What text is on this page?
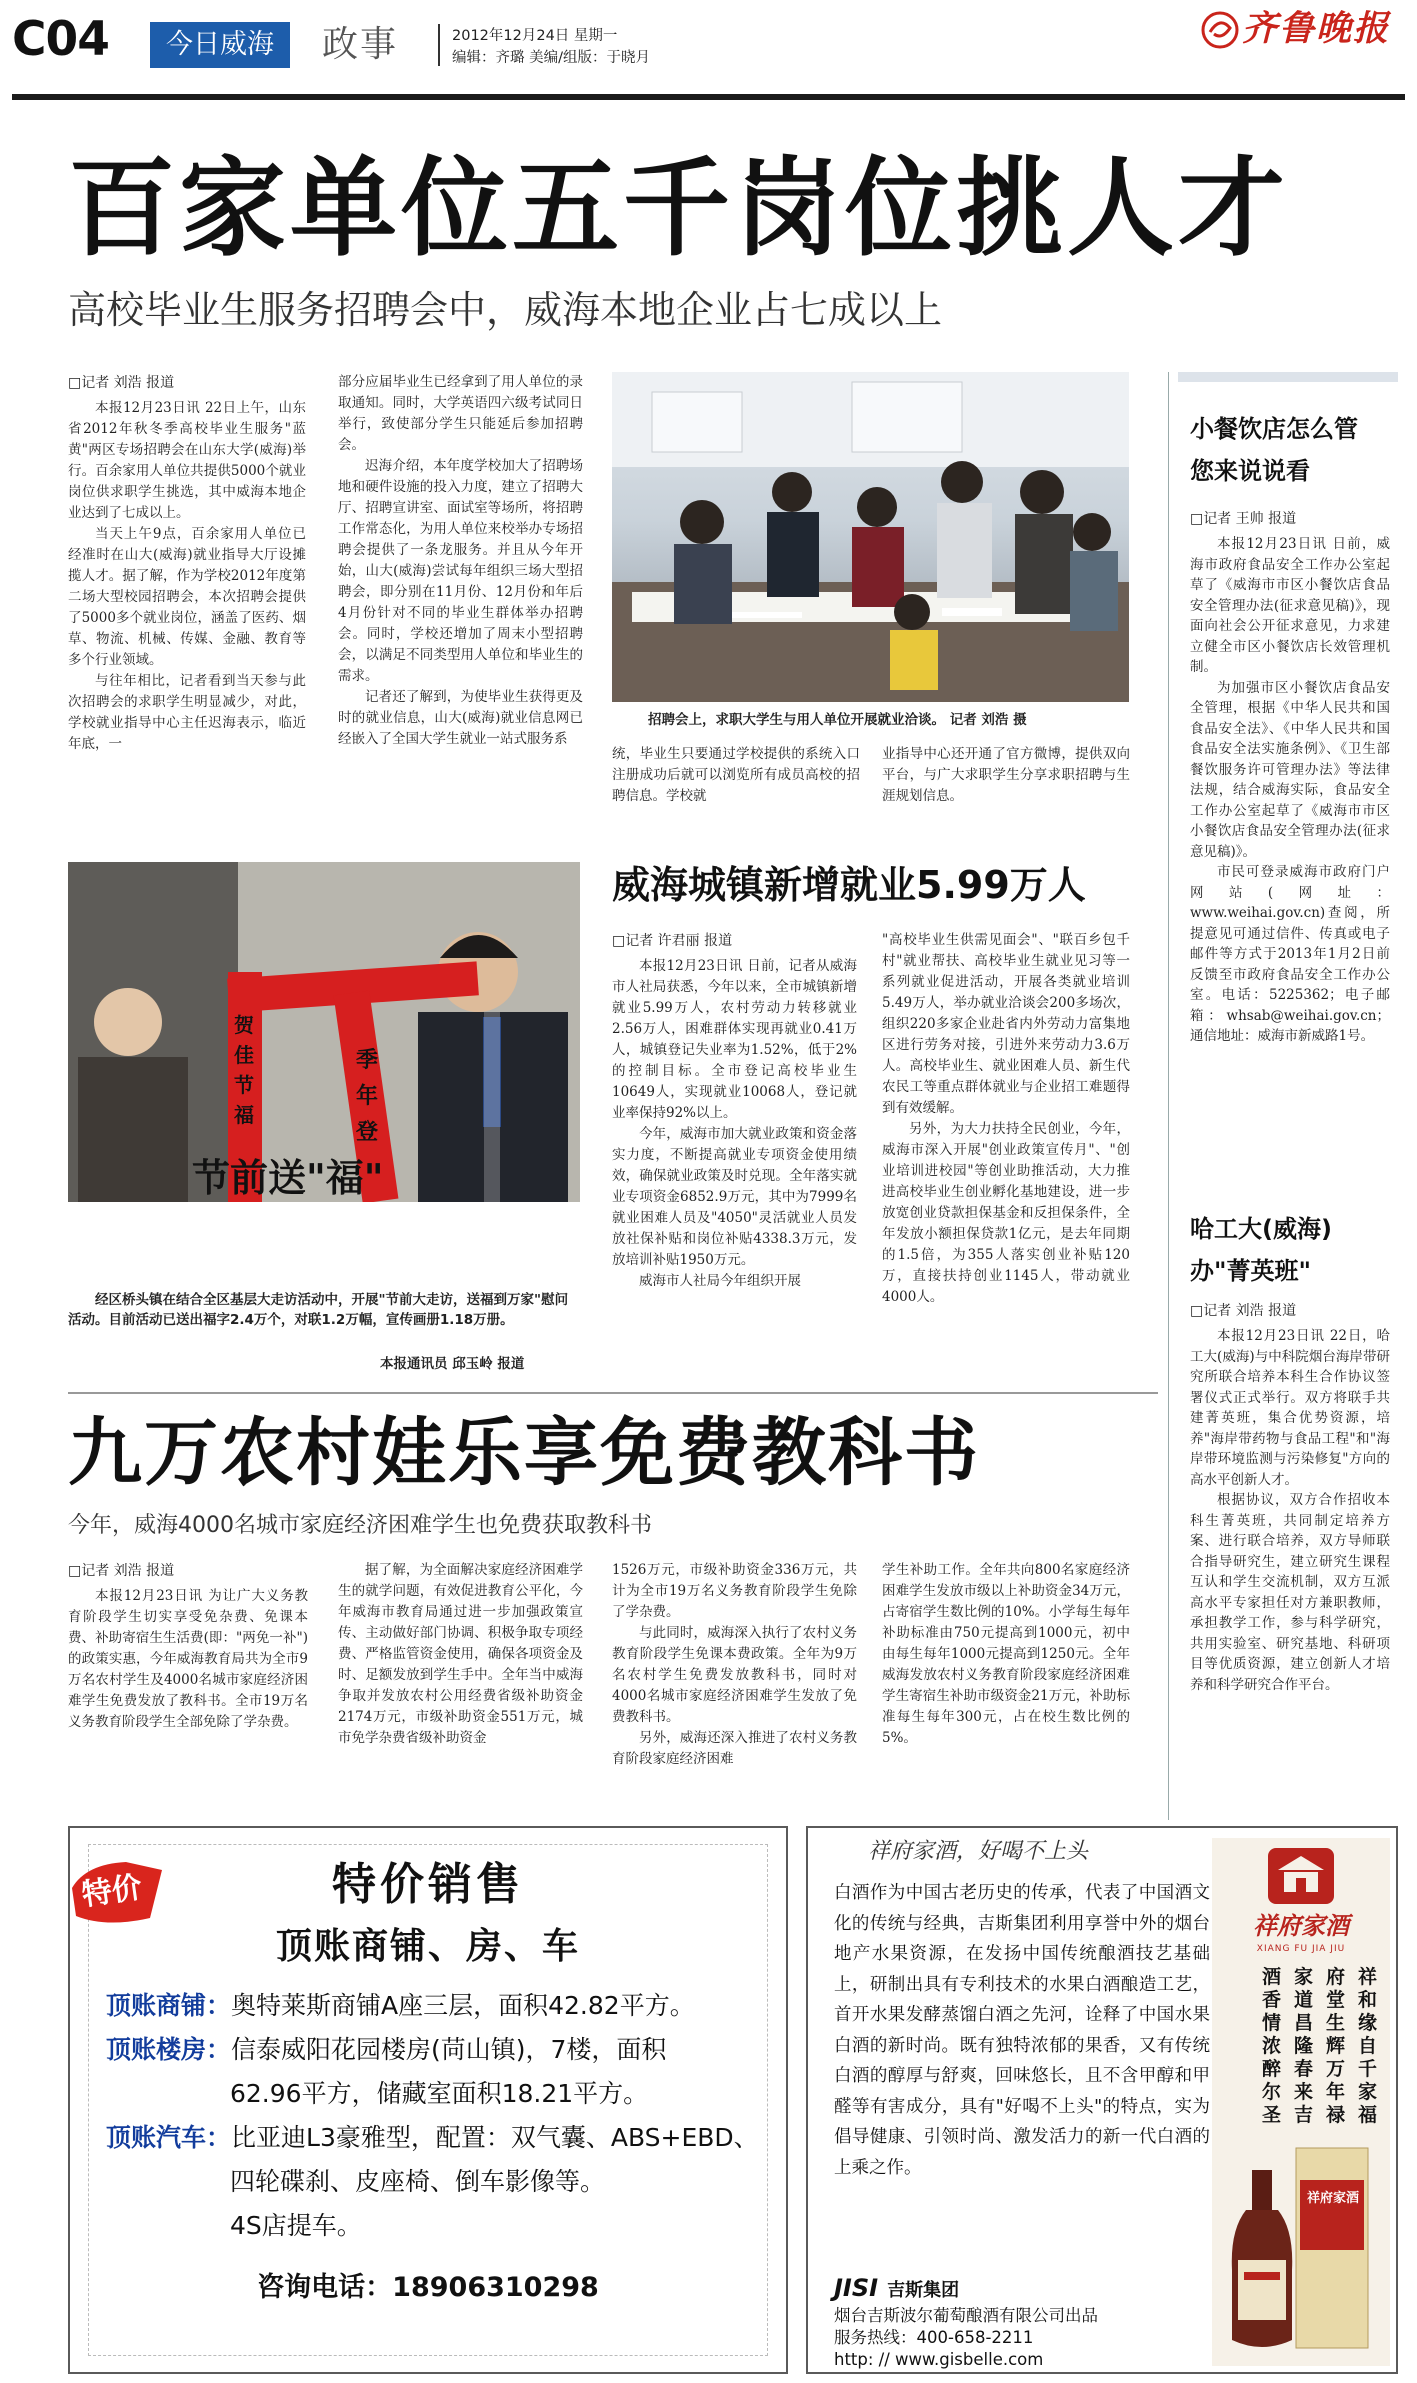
C04	今日威海	政事	2012年12月24日 星期一
编辑：齐璐 美编/组版：于晓月
齐鲁晚报
百家单位五千岗位挑人才
高校毕业生服务招聘会中，威海本地企业占七成以上
□记者 刘浩 报道

本报12月23日讯 22日上午，山东省2012年秋冬季高校毕业生服务"蓝黄"两区专场招聘会在山东大学(威海)举行。百余家用人单位共提供5000个就业岗位供求职学生挑选，其中威海本地企业达到了七成以上。

当天上午9点，百余家用人单位已经准时在山大(威海)就业指导大厅设摊揽人才。据了解，作为学校2012年度第二场大型校园招聘会，本次招聘会提供了5000多个就业岗位，涵盖了医药、烟草、物流、机械、传媒、金融、教育等多个行业领域。

与往年相比，记者看到当天参与此次招聘会的求职学生明显减少，对此，学校就业指导中心主任迟海表示，临近年底，一

部分应届毕业生已经拿到了用人单位的录取通知。同时，大学英语四六级考试同日举行，致使部分学生只能延后参加招聘会。

迟海介绍，本年度学校加大了招聘场地和硬件设施的投入力度，建立了招聘大厅、招聘宣讲室、面试室等场所，将招聘工作常态化，为用人单位来校举办专场招聘会提供了一条龙服务。并且从今年开始，山大(威海)尝试每年组织三场大型招聘会，即分别在11月份、12月份和年后4月份针对不同的毕业生群体举办招聘会。同时，学校还增加了周末小型招聘会，以满足不同类型用人单位和毕业生的需求。

记者还了解到，为使毕业生获得更及时的就业信息，山大(威海)就业信息网已经嵌入了全国大学生就业一站式服务系

招聘会上，求职大学生与用人单位开展就业洽谈。 记者 刘浩 摄

统，毕业生只要通过学校提供的系统入口注册成功后就可以浏览所有成员高校的招聘信息。学校就

业指导中心还开通了官方微博，提供双向平台，与广大求职学生分享求职招聘与生涯规划信息。

小餐饮店怎么管
您来说说看
□记者 王帅 报道

本报12月23日讯 日前，威海市政府食品安全工作办公室起草了《威海市市区小餐饮店食品安全管理办法(征求意见稿)》，现面向社会公开征求意见，力求建立健全市区小餐饮店长效管理机制。

为加强市区小餐饮店食品安全管理，根据《中华人民共和国食品安全法》、《中华人民共和国食品安全法实施条例》、《卫生部餐饮服务许可管理办法》等法律法规，结合威海实际，食品安全工作办公室起草了《威海市市区小餐饮店食品安全管理办法(征求意见稿)》。

市民可登录威海市政府门户网站(网址：www.weihai.gov.cn)查阅，所提意见可通过信件、传真或电子邮件等方式于2013年1月2日前反馈至市政府食品安全工作办公室。电话：5225362；电子邮箱：whsab@weihai.gov.cn；通信地址：威海市新威路1号。

哈工大(威海)
办"菁英班"
□记者 刘浩 报道

本报12月23日讯 22日，哈工大(威海)与中科院烟台海岸带研究所联合培养本科生合作协议签署仪式正式举行。双方将联手共建菁英班，集合优势资源，培养"海岸带药物与食品工程"和"海岸带环境监测与污染修复"方向的高水平创新人才。

根据协议，双方合作招收本科生菁英班，共同制定培养方案、进行联合培养，双方导师联合指导研究生，建立研究生课程互认和学生交流机制，双方互派高水平专家担任对方兼职教师，承担教学工作，参与科学研究，共用实验室、研究基地、科研项目等优质资源，建立创新人才培养和科学研究合作平台。

威海城镇新增就业5.99万人
□记者 许君丽 报道

本报12月23日讯 日前，记者从威海市人社局获悉，今年以来，全市城镇新增就业5.99万人，农村劳动力转移就业2.56万人，困难群体实现再就业0.41万人，城镇登记失业率为1.52%，低于2%的控制目标。全市登记高校毕业生10649人，实现就业10068人，登记就业率保持92%以上。

今年，威海市加大就业政策和资金落实力度，不断提高就业专项资金使用绩效，确保就业政策及时兑现。全年落实就业专项资金6852.9万元，其中为7999名就业困难人员及"4050"灵活就业人员发放社保补贴和岗位补贴4338.3万元，发放培训补贴1950万元。

威海市人社局今年组织开展

"高校毕业生供需见面会"、"联百乡包千村"就业帮扶、高校毕业生就业见习等一系列就业促进活动，开展各类就业培训5.49万人，举办就业洽谈会200多场次，组织220多家企业赴省内外劳动力富集地区进行劳务对接，引进外来劳动力3.6万人。高校毕业生、就业困难人员、新生代农民工等重点群体就业与企业招工难题得到有效缓解。

另外，为大力扶持全民创业，今年，威海市深入开展"创业政策宣传月"、"创业培训进校园"等创业助推活动，大力推进高校毕业生创业孵化基地建设，进一步放宽创业贷款担保基金和反担保条件，全年发放小额担保贷款1亿元，是去年同期的1.5倍，为355人落实创业补贴120万，直接扶持创业1145人，带动就业4000人。

贺佳节 福
季 年 登
节前送"福"
经区桥头镇在结合全区基层大走访活动中，开展"节前大走访，送福到万家"慰问活动。目前活动已送出福字2.4万个，对联1.2万幅，宣传画册1.18万册。
本报通讯员 邱玉岭 报道
九万农村娃乐享免费教科书
今年，威海4000名城市家庭经济困难学生也免费获取教科书
□记者 刘浩 报道

本报12月23日讯 为让广大义务教育阶段学生切实享受免杂费、免课本费、补助寄宿生生活费(即："两免一补")的政策实惠，今年威海教育局共为全市9万名农村学生及4000名城市家庭经济困难学生免费发放了教科书。全市19万名义务教育阶段学生全部免除了学杂费。

据了解，为全面解决家庭经济困难学生的就学问题，有效促进教育公平化，今年威海市教育局通过进一步加强政策宣传、主动做好部门协调、积极争取专项经费、严格监管资金使用，确保各项资金及时、足额发放到学生手中。全年当中威海争取并发放农村公用经费省级补助资金2174万元，市级补助资金551万元，城市免学杂费省级补助资金

1526万元，市级补助资金336万元，共计为全市19万名义务教育阶段学生免除了学杂费。

与此同时，威海深入执行了农村义务教育阶段学生免课本费政策。全年为9万名农村学生免费发放教科书，同时对4000名城市家庭经济困难学生发放了免费教科书。

另外，威海还深入推进了农村义务教育阶段家庭经济困难

学生补助工作。全年共向800名家庭经济困难学生发放市级以上补助资金34万元，占寄宿学生数比例的10%。小学每生每年补助标准由750元提高到1000元，初中由每生每年1000元提高到1250元。全年威海发放农村义务教育阶段家庭经济困难学生寄宿生补助市级资金21万元，补助标准每生每年300元，占在校生数比例的5%。

特价	特价销售
顶账商铺、房、车
顶账商铺：奥特莱斯商铺A座三层，面积42.82平方。
顶账楼房：信泰威阳花园楼房(苘山镇)，7楼，面积
62.96平方，储藏室面积18.21平方。
顶账汽车：比亚迪L3豪雅型，配置：双气囊、ABS+EBD、
四轮碟刹、皮座椅、倒车影像等。
4S店提车。
咨询电话：18906310298
祥府家酒，好喝不上头
白酒作为中国古老历史的传承，代表了中国酒文化的传统与经典，吉斯集团利用享誉中外的烟台地产水果资源，在发扬中国传统酿酒技艺基础上，研制出具有专利技术的水果白酒酿造工艺，首开水果发酵蒸馏白酒之先河，诠释了中国水果白酒的新时尚。既有独特浓郁的果香，又有传统白酒的醇厚与舒爽，回味悠长，且不含甲醇和甲醛等有害成分，具有"好喝不上头"的特点，实为倡导健康、引领时尚、激发活力的新一代白酒的上乘之作。
JISI 吉斯集团
烟台吉斯波尔葡萄酿酒有限公司出品
服务热线：400-658-2211
http: // www.gisbelle.com
祥府家酒
XIANG FU JIA JIU
祥和缘自千家福
府堂生辉万年禄
家道昌隆春来吉
酒香情浓醉尔圣
祥府家酒
